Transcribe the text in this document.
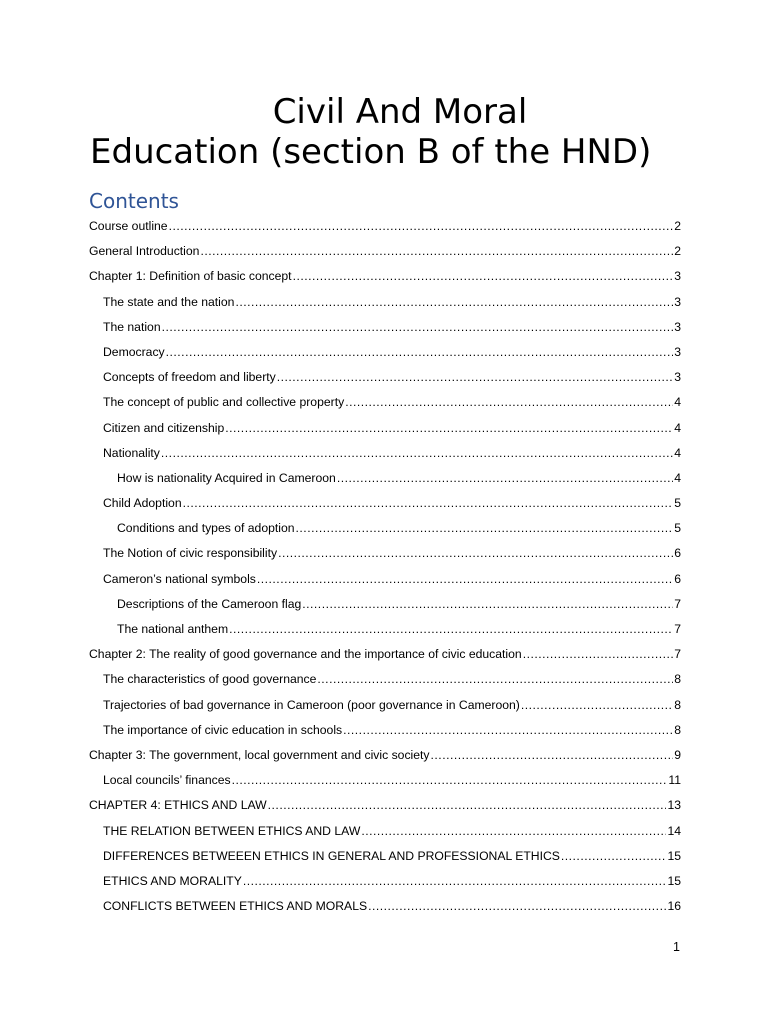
Civil And Moral
Education (section B of the HND)
Contents
Course outline .....	2
General Introduction .....	2
Chapter 1: Definition of basic concept .....	3
The state and the nation .....	3
The nation .....	3
Democracy .....	3
Concepts of freedom and liberty .....	3
The concept of public and collective property .....	4
Citizen and citizenship .....	4
Nationality .....	4
How is nationality Acquired in Cameroon .....	4
Child Adoption .....	5
Conditions and types of adoption .....	5
The Notion of civic responsibility .....	6
Cameron’s national symbols .....	6
Descriptions of the Cameroon flag .....	7
The national anthem .....	7
Chapter 2: The reality of good governance and the importance of civic education .....	7
The characteristics of good governance .....	8
Trajectories of bad governance in Cameroon (poor governance in Cameroon) .....	8
The importance of civic education in schools .....	8
Chapter 3: The government, local government and civic society .....	9
Local councils’ finances .....	11
CHAPTER 4: ETHICS AND LAW .....	13
THE RELATION BETWEEN ETHICS AND LAW .....	14
DIFFERENCES BETWEEEN ETHICS IN GENERAL AND PROFESSIONAL ETHICS .....	15
ETHICS AND MORALITY .....	15
CONFLICTS BETWEEN ETHICS AND MORALS .....	16
1
